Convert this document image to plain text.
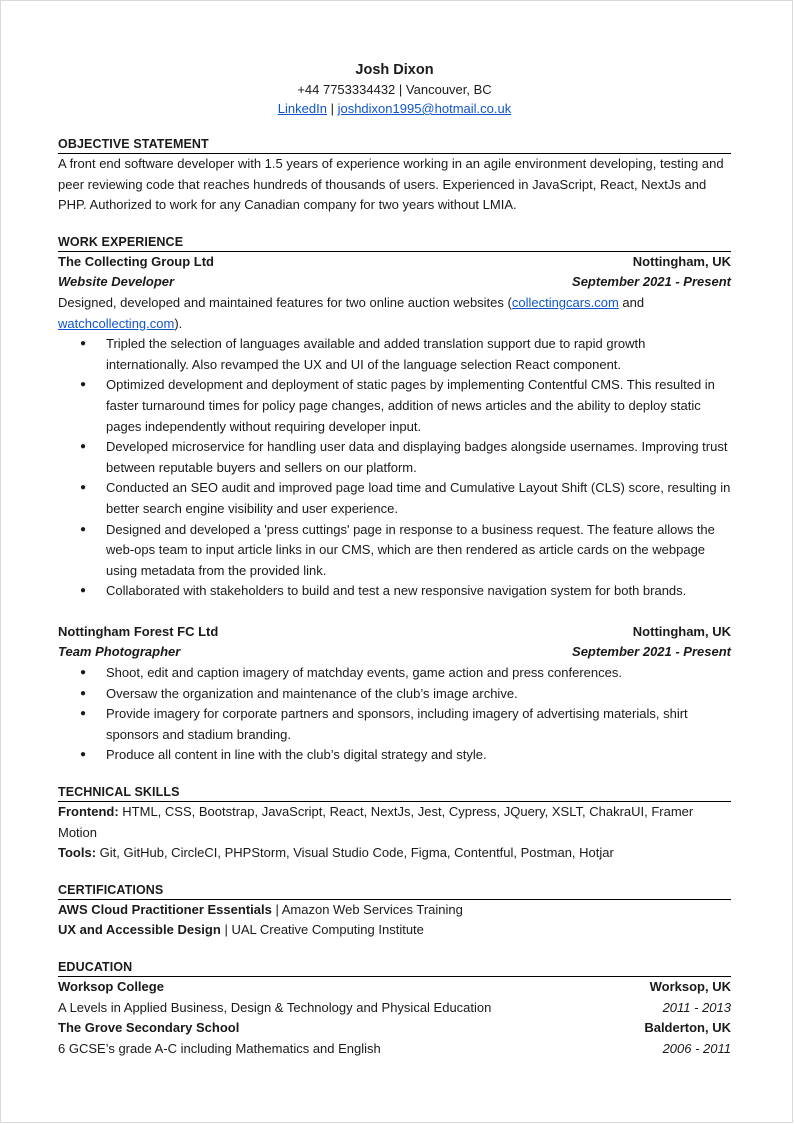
Josh Dixon
+44 7753334432 | Vancouver, BC
LinkedIn | joshdixon1995@hotmail.co.uk
OBJECTIVE STATEMENT
A front end software developer with 1.5 years of experience working in an agile environment developing, testing and peer reviewing code that reaches hundreds of thousands of users. Experienced in JavaScript, React, NextJs and PHP. Authorized to work for any Canadian company for two years without LMIA.
WORK EXPERIENCE
The Collecting Group Ltd	Nottingham, UK
Website Developer	September 2021 - Present
Designed, developed and maintained features for two online auction websites (collectingcars.com and watchcollecting.com).
● Tripled the selection of languages available and added translation support due to rapid growth internationally. Also revamped the UX and UI of the language selection React component.
● Optimized development and deployment of static pages by implementing Contentful CMS. This resulted in faster turnaround times for policy page changes, addition of news articles and the ability to deploy static pages independently without requiring developer input.
● Developed microservice for handling user data and displaying badges alongside usernames. Improving trust between reputable buyers and sellers on our platform.
● Conducted an SEO audit and improved page load time and Cumulative Layout Shift (CLS) score, resulting in better search engine visibility and user experience.
● Designed and developed a 'press cuttings' page in response to a business request. The feature allows the web-ops team to input article links in our CMS, which are then rendered as article cards on the webpage using metadata from the provided link.
● Collaborated with stakeholders to build and test a new responsive navigation system for both brands.
Nottingham Forest FC Ltd	Nottingham, UK
Team Photographer	September 2021 - Present
● Shoot, edit and caption imagery of matchday events, game action and press conferences.
● Oversaw the organization and maintenance of the club’s image archive.
● Provide imagery for corporate partners and sponsors, including imagery of advertising materials, shirt sponsors and stadium branding.
● Produce all content in line with the club’s digital strategy and style.
TECHNICAL SKILLS
Frontend: HTML, CSS, Bootstrap, JavaScript, React, NextJs, Jest, Cypress, JQuery, XSLT, ChakraUI, Framer Motion
Tools: Git, GitHub, CircleCI, PHPStorm, Visual Studio Code, Figma, Contentful, Postman, Hotjar
CERTIFICATIONS
AWS Cloud Practitioner Essentials | Amazon Web Services Training
UX and Accessible Design | UAL Creative Computing Institute
EDUCATION
Worksop College	Worksop, UK
A Levels in Applied Business, Design & Technology and Physical Education	2011 - 2013
The Grove Secondary School	Balderton, UK
6 GCSE’s grade A-C including Mathematics and English	2006 - 2011
